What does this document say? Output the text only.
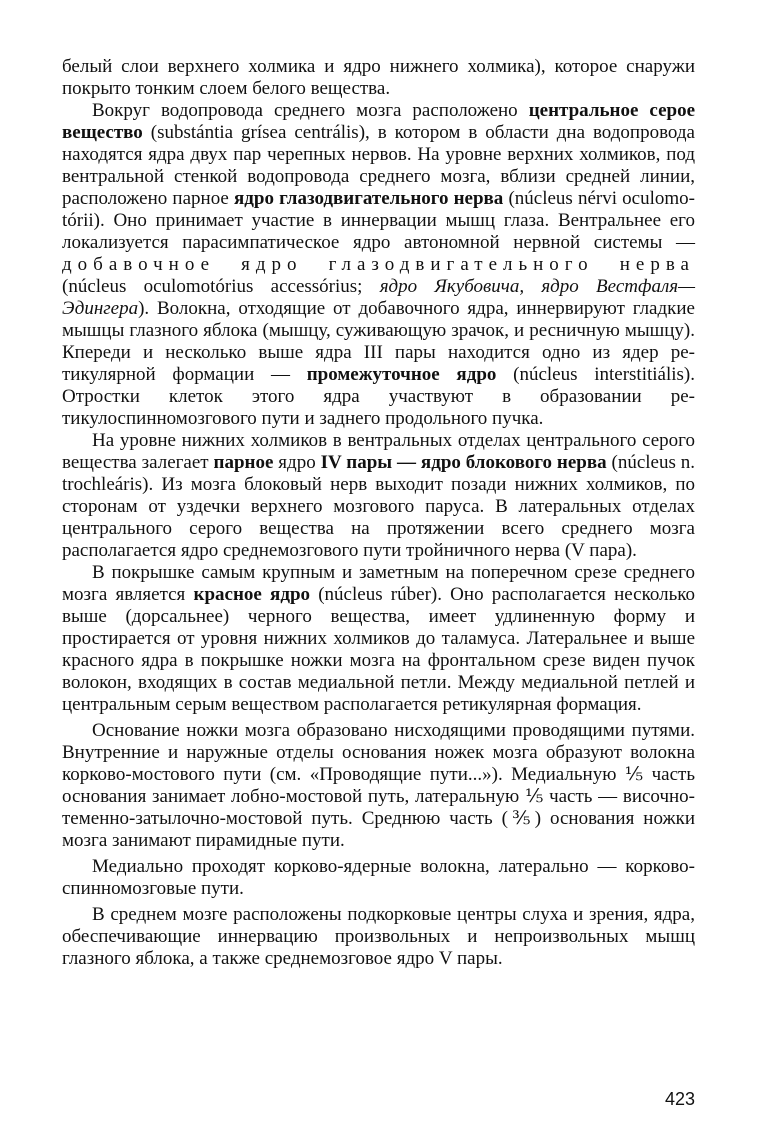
белый слои верхнего холмика и ядро нижнего холмика), которое снаружи покрыто тонким слоем белого вещества.

Вокруг водопровода среднего мозга расположено центральное серое вещество (substántia grísea centrális), в котором в области дна водопровода находятся ядра двух пар черепных нервов. На уровне верхних холмиков, под вентральной стенкой водопровода среднего мозга, вблизи средней линии, расположено парное ядро глазодвигательного нерва (núcleus nérvi oculomotórii). Оно принимает участие в иннервации мышц глаза. Вентральнее его локализуется парасимпатическое ядро автономной нервной системы — добавочное ядро глазодвигательного нерва (núcleus oculomotórius accessórius; ядро Якубовича, ядро Вестфаля—Эдингера). Волокна, отходящие от добавочного ядра, иннервируют гладкие мышцы глазного яблока (мышцу, суживающую зрачок, и ресничную мышцу). Кпереди и несколько выше ядра III пары находится одно из ядер ретикулярной формации — промежуточное ядро (núcleus interstitiális). Отростки клеток этого ядра участвуют в образовании ретикулоспинномозгового пути и заднего продольного пучка.

На уровне нижних холмиков в вентральных отделах центрального серого вещества залегает парное ядро IV пары — ядро блокового нерва (núcleus n. trochleáris). Из мозга блоковый нерв выходит позади нижних холмиков, по сторонам от уздечки верхнего мозгового паруса. В латеральных отделах центрального серого вещества на протяжении всего среднего мозга располагается ядро среднемозгового пути тройничного нерва (V пара).

В покрышке самым крупным и заметным на поперечном срезе среднего мозга является красное ядро (núcleus rúber). Оно располагается несколько выше (дорсальнее) черного вещества, имеет удлиненную форму и простирается от уровня нижних холмиков до таламуса. Латеральнее и выше красного ядра в покрышке ножки мозга на фронтальном срезе виден пучок волокон, входящих в состав медиальной петли. Между медиальной петлей и центральным серым веществом располагается ретикулярная формация.

Основание ножки мозга образовано нисходящими проводящими путями. Внутренние и наружные отделы основания ножек мозга образуют волокна корково-мостового пути (см. «Проводящие пути...»). Медиальную ⅕ часть основания занимает лобно-мостовой путь, латеральную ⅕ часть — височно-теменно-затылочно-мостовой путь. Среднюю часть (⅗) основания ножки мозга занимают пирамидные пути.

Медиально проходят корково-ядерные волокна, латерально — корково-спинномозговые пути.

В среднем мозге расположены подкорковые центры слуха и зрения, ядра, обеспечивающие иннервацию произвольных и непроизвольных мышц глазного яблока, а также среднемозговое ядро V пары.

423
